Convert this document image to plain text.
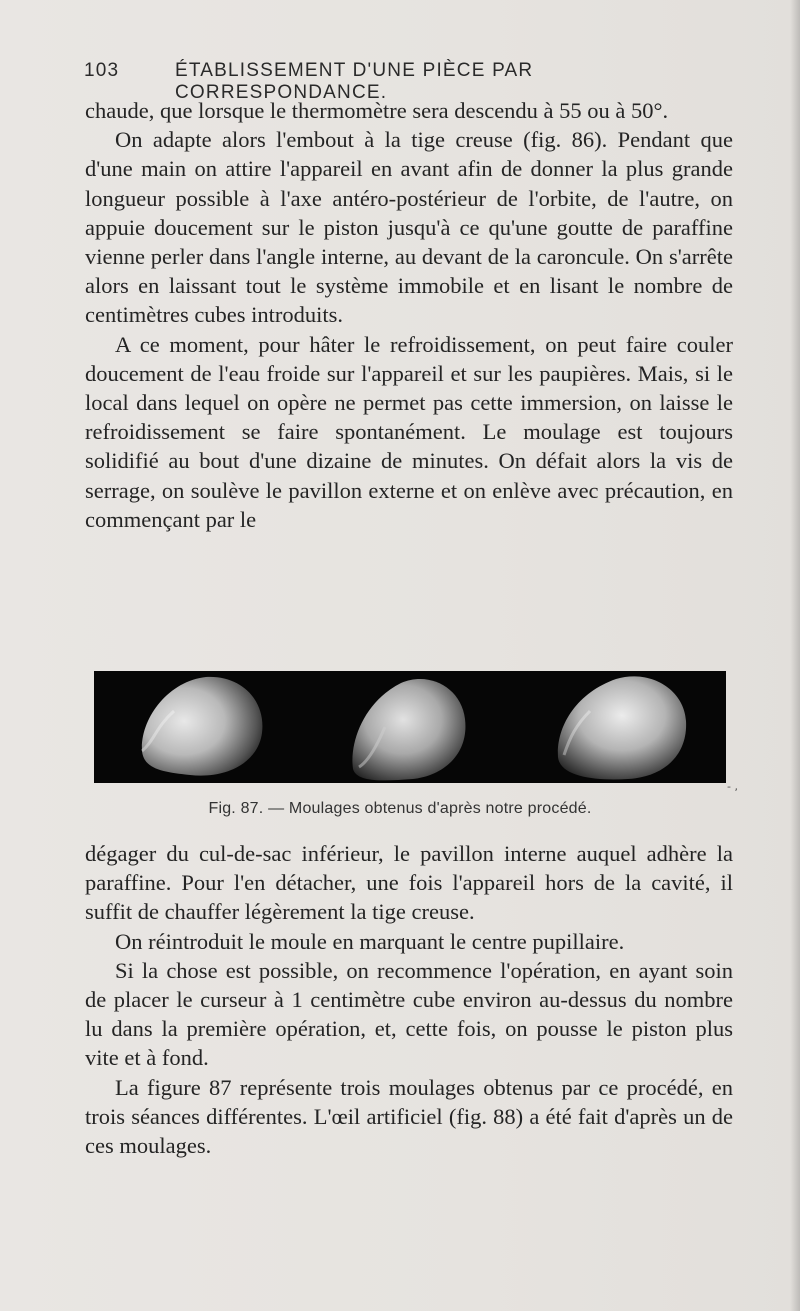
103	ÉTABLISSEMENT D'UNE PIÈCE PAR CORRESPONDANCE.

chaude, que lorsque le thermomètre sera descendu à 55 ou à 50°.

On adapte alors l'embout à la tige creuse (fig. 86). Pendant que d'une main on attire l'appareil en avant afin de donner la plus grande longueur possible à l'axe antéro-postérieur de l'orbite, de l'autre, on appuie doucement sur le piston jusqu'à ce qu'une goutte de paraffine vienne perler dans l'angle interne, au devant de la caroncule. On s'arrête alors en laissant tout le système immobile et en lisant le nombre de centimètres cubes introduits.

A ce moment, pour hâter le refroidissement, on peut faire couler doucement de l'eau froide sur l'appareil et sur les paupières. Mais, si le local dans lequel on opère ne permet pas cette immersion, on laisse le refroidissement se faire spontanément. Le moulage est toujours solidifié au bout d'une dizaine de minutes. On défait alors la vis de serrage, on soulève le pavillon externe et on enlève avec précaution, en commençant par le

- ,
Fig. 87. — Moulages obtenus d'après notre procédé.

dégager du cul-de-sac inférieur, le pavillon interne auquel adhère la paraffine. Pour l'en détacher, une fois l'appareil hors de la cavité, il suffit de chauffer légèrement la tige creuse.

On réintroduit le moule en marquant le centre pupillaire.

Si la chose est possible, on recommence l'opération, en ayant soin de placer le curseur à 1 centimètre cube environ au-dessus du nombre lu dans la première opération, et, cette fois, on pousse le piston plus vite et à fond.

La figure 87 représente trois moulages obtenus par ce procédé, en trois séances différentes. L'œil artificiel (fig. 88) a été fait d'après un de ces moulages.
